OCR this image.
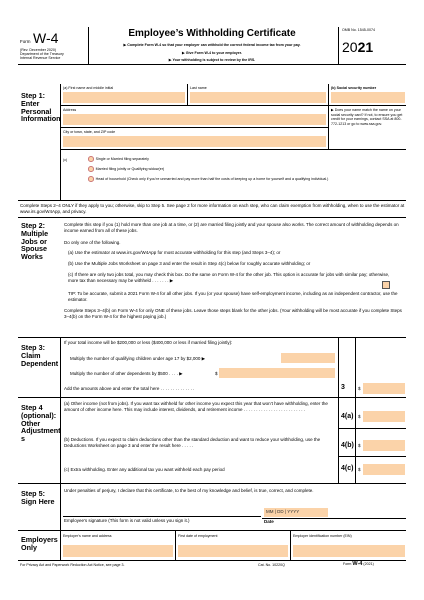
Form W-4
(Rev. December 2020)
Department of the Treasury
Internal Revenue Service
Employee’s Withholding Certificate
▶ Complete Form W-4 so that your employer can withhold the correct federal income tax from your pay.
▶ Give Form W-4 to your employer.
▶ Your withholding is subject to review by the IRS.
OMB No. 1545-0074
2021
Step 1:
Enter
Personal
Information
(a) First name and middle initial	Last name	(b) Social security number
Address
City or town, state, and ZIP code
▶ Does your name match the name on your social security card? If not, to ensure you get credit for your earnings, contact SSA at 800-772-1213 or go to www.ssa.gov.
(c)	Single or Married filing separately
Married filing jointly or Qualifying widow(er)
Head of household (Check only if you’re unmarried and pay more than half the costs of keeping up a home for yourself and a qualifying individual.)
Complete Steps 2–4 ONLY if they apply to you; otherwise, skip to Step 5. See page 2 for more information on each step, who can claim exemption from withholding, when to use the estimator at www.irs.gov/W4App, and privacy.
Step 2:
Multiple
Jobs or
Spouse
Works
Complete this step if you (1) hold more than one job at a time, or (2) are married filing jointly and your spouse also works. The correct amount of withholding depends on income earned from all of these jobs.
Do only one of the following.
(a) Use the estimator at www.irs.gov/W4App for most accurate withholding for this step (and Steps 3–4); or
(b) Use the Multiple Jobs Worksheet on page 3 and enter the result in Step 4(c) below for roughly accurate withholding; or
(c) If there are only two jobs total, you may check this box. Do the same on Form W-4 for the other job. This option is accurate for jobs with similar pay; otherwise, more tax than necessary may be withheld . . . . . . . ▶
TIP: To be accurate, submit a 2021 Form W-4 for all other jobs. If you (or your spouse) have self-employment income, including as an independent contractor, use the estimator.
Complete Steps 3–4(b) on Form W-4 for only ONE of these jobs. Leave those steps blank for the other jobs. (Your withholding will be most accurate if you complete Steps 3–4(b) on the Form W-4 for the highest paying job.)
Step 3:
Claim
Dependent
If your total income will be $200,000 or less ($400,000 or less if married filing jointly):
Multiply the number of qualifying children under age 17 by $2,000 ▶
Multiply the number of other dependents by $500 . . . . ▶	$
Add the amounts above and enter the total here . . . . . . . . . . . . . .	3	$
Step 4
(optional):
Other
Adjustment
s
(a) Other income (not from jobs). If you want tax withheld for other income you expect this year that won’t have withholding, enter the amount of other income here. This may include interest, dividends, and retirement income . . . . . . . . . . . . . . . . . . . . . . . . .
4(a) $
(b) Deductions. If you expect to claim deductions other than the standard deduction and want to reduce your withholding, use the Deductions Worksheet on page 3 and enter the result here . . . . .	4(b) $
(c) Extra withholding. Enter any additional tax you want withheld each pay period	4(c) $
Step 5:
Sign Here
Under penalties of perjury, I declare that this certificate, to the best of my knowledge and belief, is true, correct, and complete.
Employee’s signature (This form is not valid unless you sign it.)
MM | DD | YYYY
Date
Employers
Only
Employer’s name and address	First date of employment	Employer identification number (EIN)
For Privacy Act and Paperwork Reduction Act Notice, see page 3.	Cat. No. 10220Q	Form W-4 (2021)
